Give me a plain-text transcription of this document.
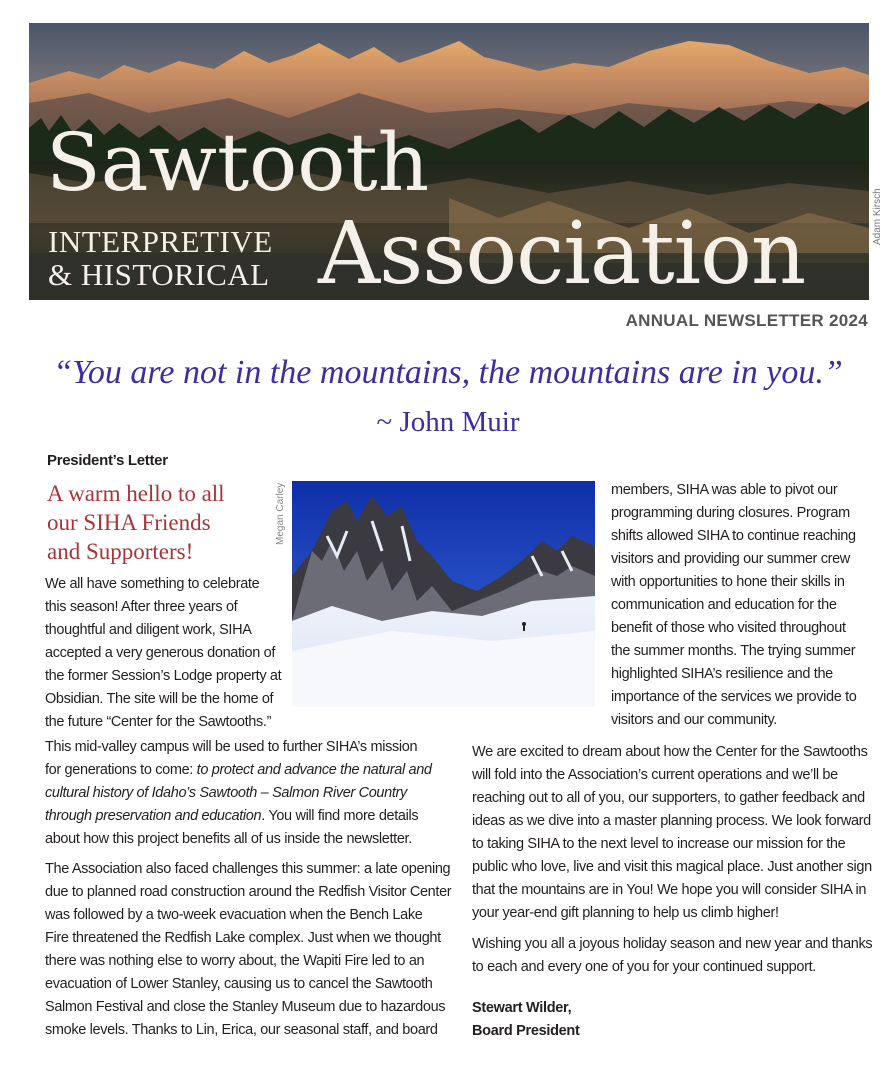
Sawtooth
INTERPRETIVE
& HISTORICAL Association	Adam Kirsch
ANNUAL NEWSLETTER 2024
“You are not in the mountains, the mountains are in you.”
~ John Muir
President’s Letter
A warm hello to all
our SIHA Friends
and Supporters!
Megan Carley
We all have something to celebrate
this season! After three years of
thoughtful and diligent work, SIHA
accepted a very generous donation of
the former Session’s Lodge property at
Obsidian. The site will be the home of
the future “Center for the Sawtooths.”
This mid-valley campus will be used to further SIHA’s mission
for generations to come: to protect and advance the natural and
cultural history of Idaho’s Sawtooth – Salmon River Country
through preservation and education. You will find more details
about how this project benefits all of us inside the newsletter.
The Association also faced challenges this summer: a late opening
due to planned road construction around the Redfish Visitor Center
was followed by a two-week evacuation when the Bench Lake
Fire threatened the Redfish Lake complex. Just when we thought
there was nothing else to worry about, the Wapiti Fire led to an
evacuation of Lower Stanley, causing us to cancel the Sawtooth
Salmon Festival and close the Stanley Museum due to hazardous
smoke levels. Thanks to Lin, Erica, our seasonal staff, and board
members, SIHA was able to pivot our
programming during closures. Program
shifts allowed SIHA to continue reaching
visitors and providing our summer crew
with opportunities to hone their skills in
communication and education for the
benefit of those who visited throughout
the summer months. The trying summer
highlighted SIHA’s resilience and the
importance of the services we provide to
visitors and our community.
We are excited to dream about how the Center for the Sawtooths
will fold into the Association’s current operations and we’ll be
reaching out to all of you, our supporters, to gather feedback and
ideas as we dive into a master planning process. We look forward
to taking SIHA to the next level to increase our mission for the
public who love, live and visit this magical place. Just another sign
that the mountains are in You! We hope you will consider SIHA in
your year-end gift planning to help us climb higher!
Wishing you all a joyous holiday season and new year and thanks
to each and every one of you for your continued support.
Stewart Wilder,
Board President
